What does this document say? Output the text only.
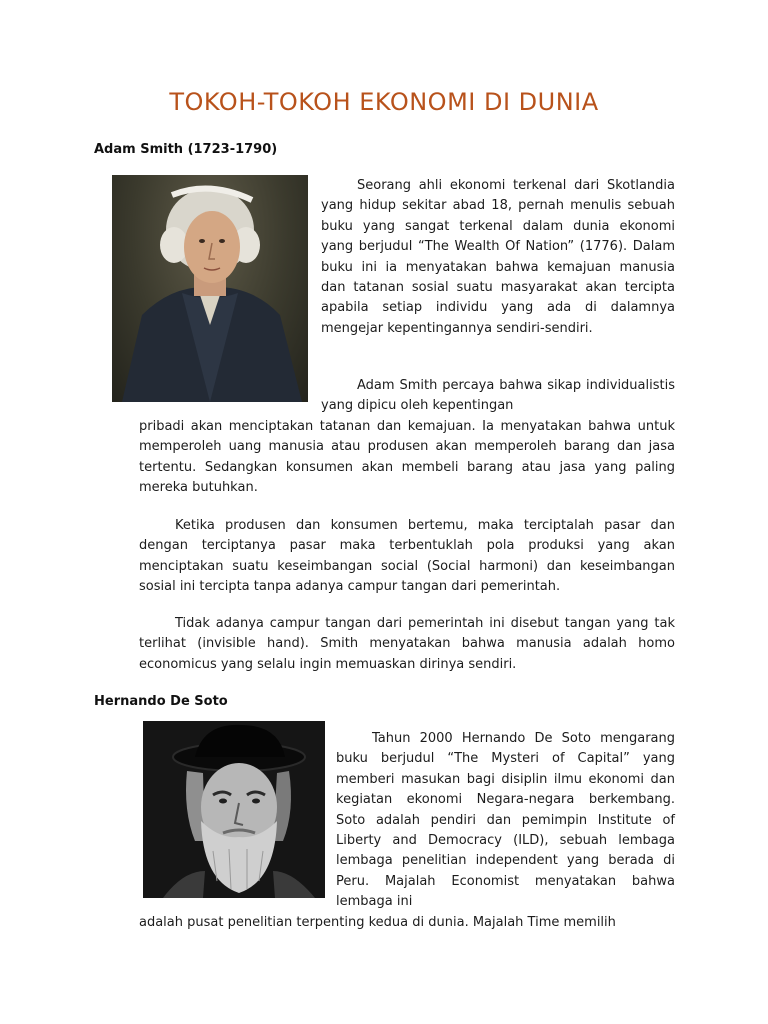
TOKOH-TOKOH EKONOMI DI DUNIA
Adam Smith (1723-1790)
Seorang ahli ekonomi terkenal dari Skotlandia yang hidup sekitar abad 18, pernah menulis sebuah buku yang sangat terkenal dalam dunia ekonomi yang berjudul “The Wealth Of Nation” (1776). Dalam buku ini ia menyatakan bahwa kemajuan manusia dan tatanan sosial suatu masyarakat akan tercipta apabila setiap individu yang ada di dalamnya mengejar kepentingannya sendiri-sendiri.
Adam Smith percaya bahwa sikap individualistis yang dipicu oleh kepentingan
pribadi akan menciptakan tatanan dan kemajuan. Ia menyatakan bahwa untuk memperoleh uang manusia atau produsen akan memperoleh barang dan jasa tertentu. Sedangkan konsumen akan membeli barang atau jasa yang paling mereka butuhkan.
Ketika produsen dan konsumen bertemu, maka terciptalah pasar dan dengan terciptanya pasar maka terbentuklah pola produksi yang akan menciptakan suatu keseimbangan social (Social harmoni) dan keseimbangan sosial ini tercipta tanpa adanya campur tangan dari pemerintah.
Tidak adanya campur tangan dari pemerintah ini disebut tangan yang tak terlihat (invisible hand). Smith menyatakan bahwa manusia adalah homo economicus yang selalu ingin memuaskan dirinya sendiri.
Hernando De Soto
Tahun 2000 Hernando De Soto mengarang buku berjudul “The Mysteri of Capital” yang memberi masukan bagi disiplin ilmu ekonomi dan kegiatan ekonomi Negara-negara berkembang. Soto adalah pendiri dan pemimpin Institute of Liberty and Democracy (ILD), sebuah lembaga lembaga penelitian independent yang berada di Peru. Majalah Economist menyatakan bahwa lembaga ini
adalah pusat penelitian terpenting kedua di dunia. Majalah Time memilih
